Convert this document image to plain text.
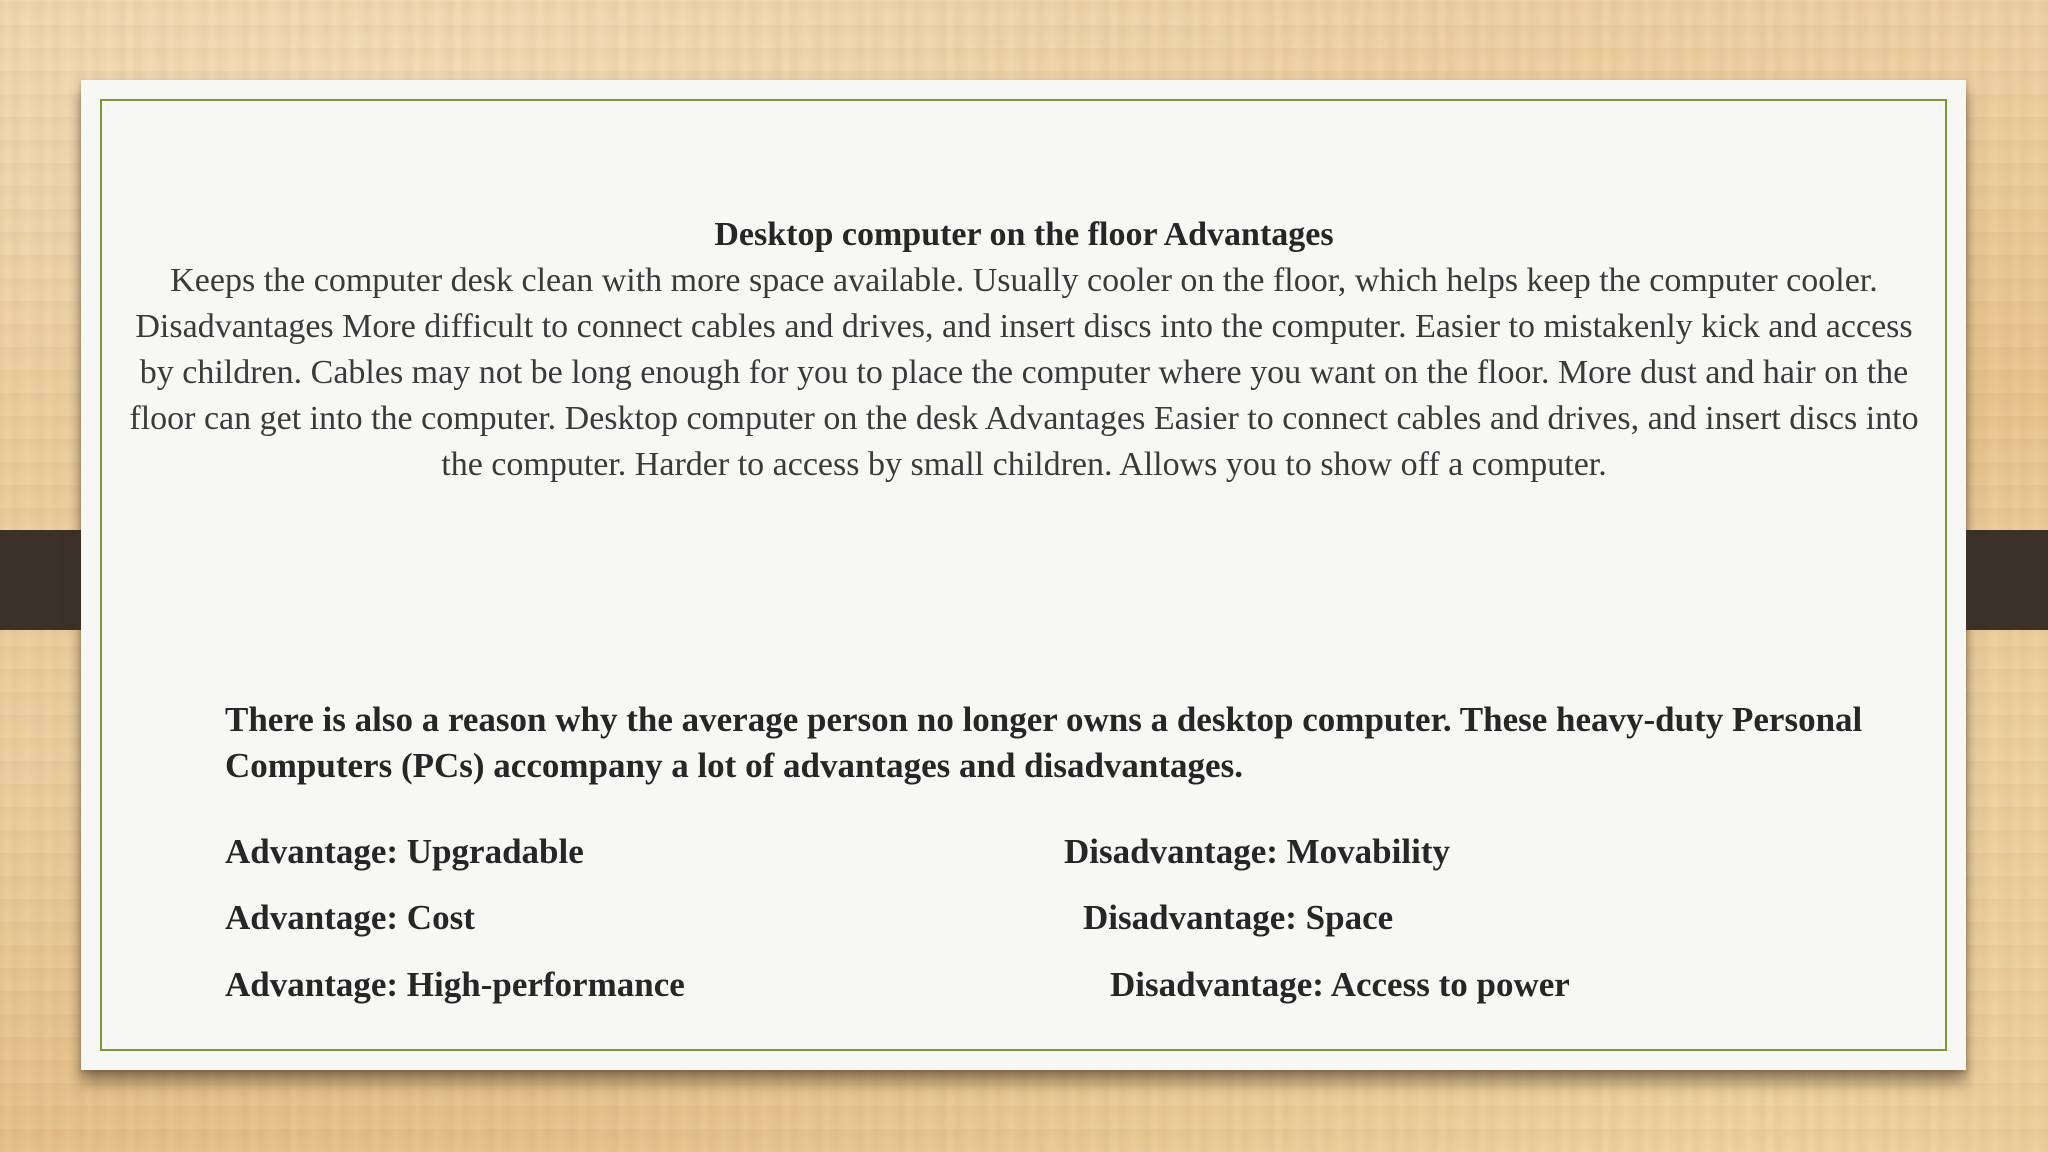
Desktop computer on the floor Advantages
Keeps the computer desk clean with more space available. Usually cooler on the floor, which helps keep the computer cooler. Disadvantages More difficult to connect cables and drives, and insert discs into the computer. Easier to mistakenly kick and access by children. Cables may not be long enough for you to place the computer where you want on the floor. More dust and hair on the floor can get into the computer. Desktop computer on the desk Advantages Easier to connect cables and drives, and insert discs into the computer. Harder to access by small children. Allows you to show off a computer.
There is also a reason why the average person no longer owns a desktop computer. These heavy-duty Personal Computers (PCs) accompany a lot of advantages and disadvantages.
Advantage: Upgradable
Advantage: Cost
Advantage: High-performance
Disadvantage: Movability
Disadvantage: Space
Disadvantage: Access to power
